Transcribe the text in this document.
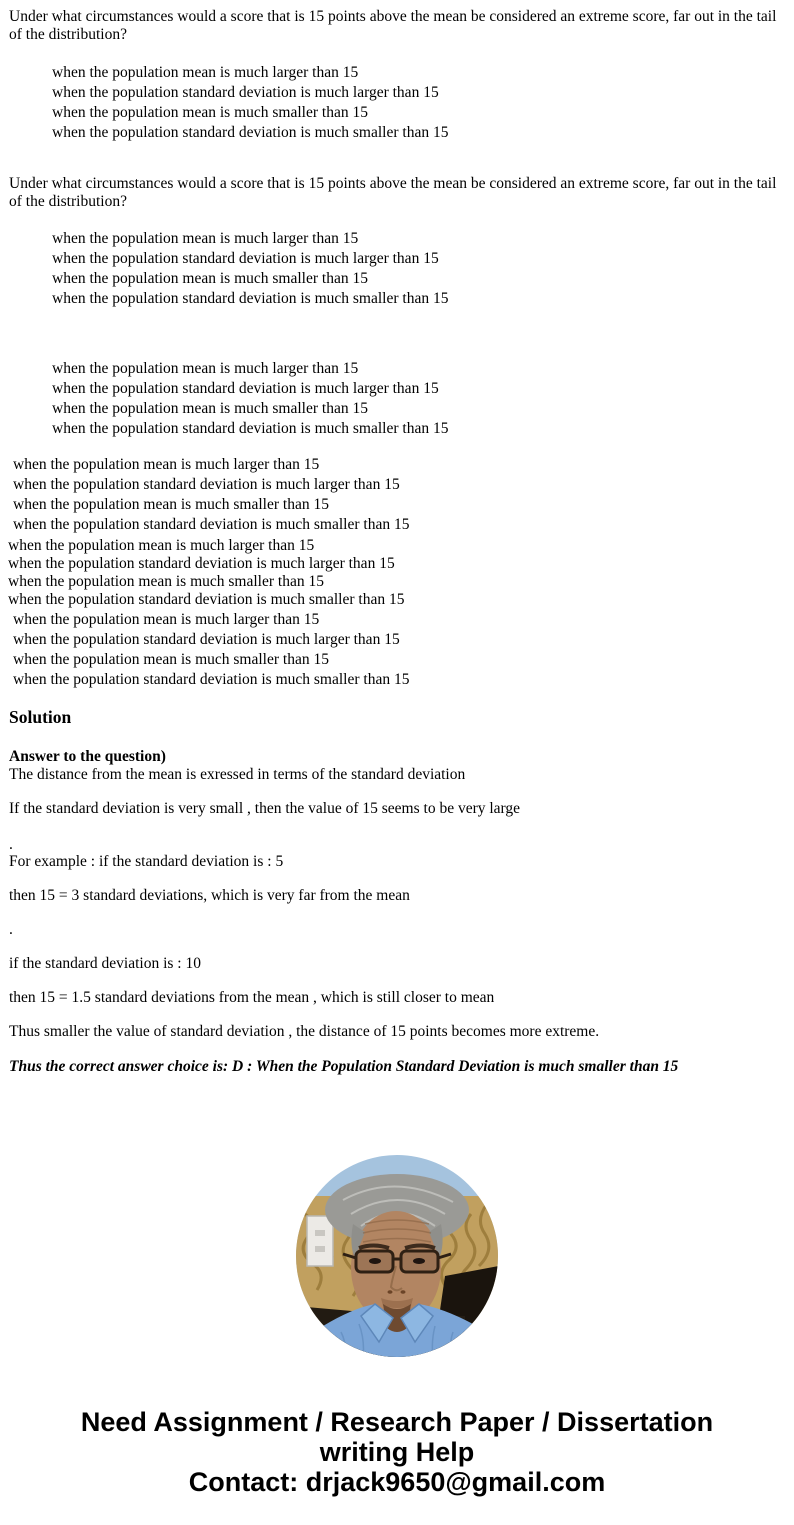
Under what circumstances would a score that is 15 points above the mean be considered an extreme score, far out in the tail of the distribution?
when the population mean is much larger than 15
when the population standard deviation is much larger than 15
when the population mean is much smaller than 15
when the population standard deviation is much smaller than 15
Under what circumstances would a score that is 15 points above the mean be considered an extreme score, far out in the tail of the distribution?
when the population mean is much larger than 15
when the population standard deviation is much larger than 15
when the population mean is much smaller than 15
when the population standard deviation is much smaller than 15
when the population mean is much larger than 15
when the population standard deviation is much larger than 15
when the population mean is much smaller than 15
when the population standard deviation is much smaller than 15
when the population mean is much larger than 15
when the population standard deviation is much larger than 15
when the population mean is much smaller than 15
when the population standard deviation is much smaller than 15
when the population mean is much larger than 15
when the population standard deviation is much larger than 15
when the population mean is much smaller than 15
when the population standard deviation is much smaller than 15
when the population mean is much larger than 15
when the population standard deviation is much larger than 15
when the population mean is much smaller than 15
when the population standard deviation is much smaller than 15
Solution
Answer to the question)
The distance from the mean is exressed in terms of the standard deviation
If the standard deviation is very small , then the value of 15 seems to be very large
.
For example : if the standard deviation is : 5
then 15 = 3 standard deviations, which is very far from the mean
.
if the standard deviation is : 10
then 15 = 1.5 standard deviations from the mean , which is still closer to mean
Thus smaller the value of standard deviation , the distance of 15 points becomes more extreme.
Thus the correct answer choice is: D : When the Population Standard Deviation is much smaller than 15
Need Assignment / Research Paper / Dissertation writing Help
Contact: drjack9650@gmail.com
